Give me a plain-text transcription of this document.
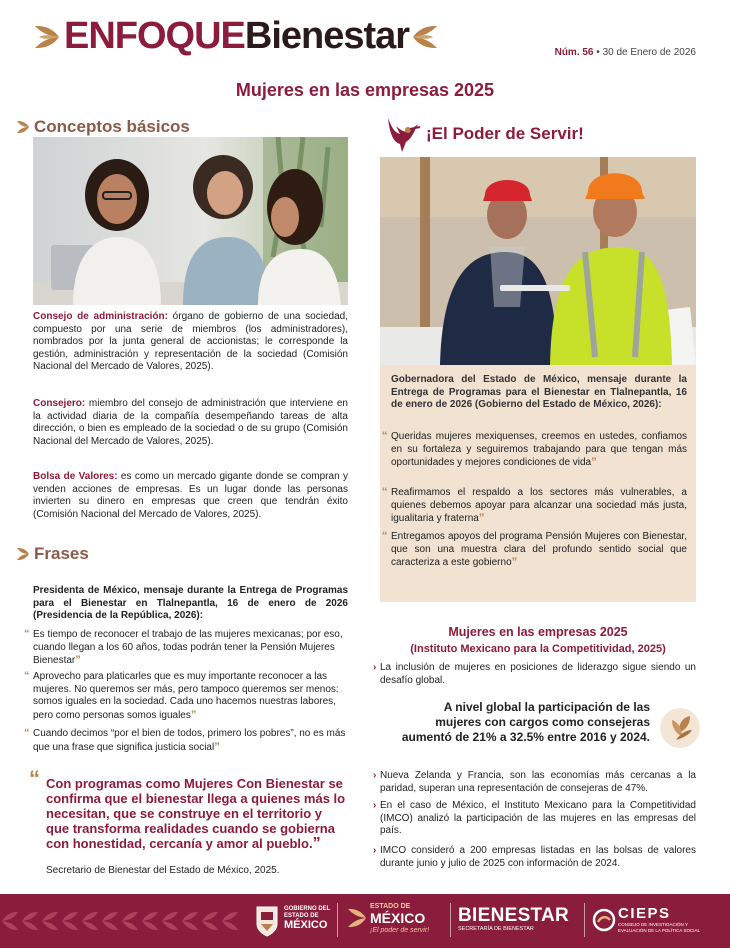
ENFOQUEBienestar	Núm. 56 • 30 de Enero de 2026
Mujeres en las empresas 2025
Conceptos básicos
Consejo de administración: órgano de gobierno de una sociedad, compuesto por una serie de miembros (los administradores), nombrados por la junta general de accionistas; le corresponde la gestión, administración y representación de la sociedad (Comisión Nacional del Mercado de Valores, 2025).
Consejero: miembro del consejo de administración que interviene en la actividad diaria de la compañía desempeñando tareas de alta dirección, o bien es empleado de la sociedad o de su grupo (Comisión Nacional del Mercado de Valores, 2025).
Bolsa de Valores: es como un mercado gigante donde se compran y venden acciones de empresas. Es un lugar donde las personas invierten su dinero en empresas que creen que tendrán éxito (Comisión Nacional del Mercado de Valores, 2025).
Frases
Presidenta de México, mensaje durante la Entrega de Programas para el Bienestar en Tlalnepantla, 16 de enero de 2026 (Presidencia de la República, 2026):
“ Es tiempo de reconocer el trabajo de las mujeres mexicanas; por eso, cuando llegan a los 60 años, todas podrán tener la Pensión Mujeres Bienestar”
“ Aprovecho para platicarles que es muy importante reconocer a las mujeres. No queremos ser más, pero tampoco queremos ser menos: somos iguales en la sociedad. Cada uno hacemos nuestras labores, pero como personas somos iguales”
“ Cuando decimos “por el bien de todos, primero los pobres”, no es más que una frase que significa justicia social”
“ Con programas como Mujeres Con Bienestar se confirma que el bienestar llega a quienes más lo necesitan, que se construye en el territorio y que transforma realidades cuando se gobierna con honestidad, cercanía y amor al pueblo.”
Secretario de Bienestar del Estado de México, 2025.
¡El Poder de Servir!
Gobernadora del Estado de México, mensaje durante la Entrega de Programas para el Bienestar en Tlalnepantla, 16 de enero de 2026 (Gobierno del Estado de México, 2026):
“ Queridas mujeres mexiquenses, creemos en ustedes, confiamos en su fortaleza y seguiremos trabajando para que tengan más oportunidades y mejores condiciones de vida”
“ Reafirmamos el respaldo a los sectores más vulnerables, a quienes debemos apoyar para alcanzar una sociedad más justa, igualitaria y fraterna”
“ Entregamos apoyos del programa Pensión Mujeres con Bienestar, que son una muestra clara del profundo sentido social que caracteriza a este gobierno”
Mujeres en las empresas 2025
(Instituto Mexicano para la Competitividad, 2025)
› La inclusión de mujeres en posiciones de liderazgo sigue siendo un desafío global.
A nivel global la participación de las mujeres con cargos como consejeras aumentó de 21% a 32.5% entre 2016 y 2024.
› Nueva Zelanda y Francia, son las economías más cercanas a la paridad, superan una representación de consejeras de 47%.
› En el caso de México, el Instituto Mexicano para la Competitividad (IMCO) analizó la participación de las mujeres en las empresas del país.
› IMCO consideró a 200 empresas listadas en las bolsas de valores durante junio y julio de 2025 con información de 2024.
GOBIERNO DEL
ESTADO DE
MÉXICO
ESTADO DE
MÉXICO
¡El poder de servir!
BIENESTAR
SECRETARÍA DE BIENESTAR
CIEPS
CONSEJO DE INVESTIGACIÓN Y
EVALUACIÓN DE LA POLÍTICA SOCIAL
